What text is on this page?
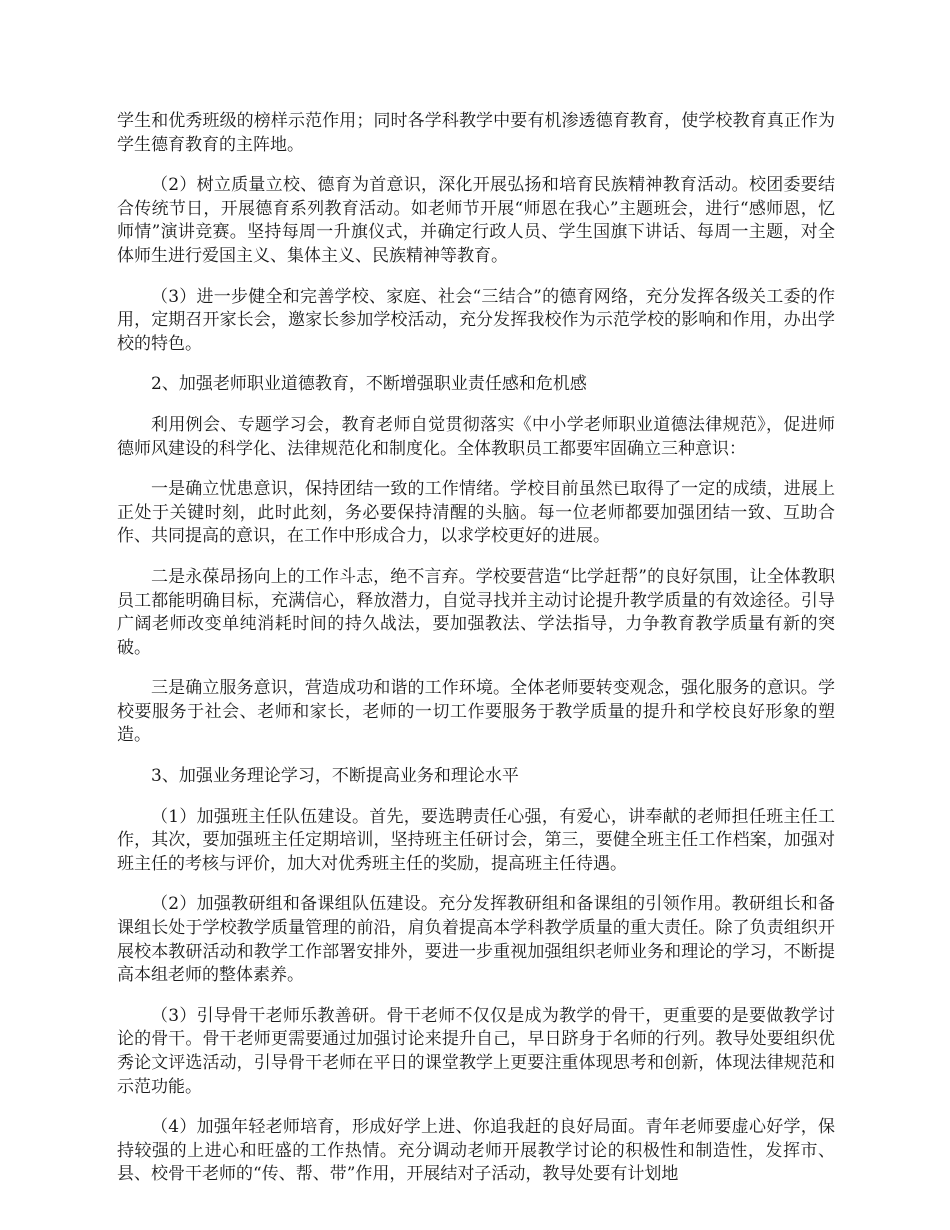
学生和优秀班级的榜样示范作用；同时各学科教学中要有机渗透德育教育，使学校教育真正作为学生德育教育的主阵地。

（2）树立质量立校、德育为首意识，深化开展弘扬和培育民族精神教育活动。校团委要结合传统节日，开展德育系列教育活动。如老师节开展“师恩在我心”主题班会，进行“感师恩，忆师情”演讲竞赛。坚持每周一升旗仪式，并确定行政人员、学生国旗下讲话、每周一主题，对全体师生进行爱国主义、集体主义、民族精神等教育。

（3）进一步健全和完善学校、家庭、社会“三结合”的德育网络，充分发挥各级关工委的作用，定期召开家长会，邀家长参加学校活动，充分发挥我校作为示范学校的影响和作用，办出学校的特色。

2、加强老师职业道德教育，不断增强职业责任感和危机感

利用例会、专题学习会，教育老师自觉贯彻落实《中小学老师职业道德法律规范》，促进师德师风建设的科学化、法律规范化和制度化。全体教职员工都要牢固确立三种意识：

一是确立忧患意识，保持团结一致的工作情绪。学校目前虽然已取得了一定的成绩，进展上正处于关键时刻，此时此刻，务必要保持清醒的头脑。每一位老师都要加强团结一致、互助合作、共同提高的意识，在工作中形成合力，以求学校更好的进展。

二是永葆昂扬向上的工作斗志，绝不言弃。学校要营造“比学赶帮”的良好氛围，让全体教职员工都能明确目标，充满信心，释放潜力，自觉寻找并主动讨论提升教学质量的有效途径。引导广阔老师改变单纯消耗时间的持久战法，要加强教法、学法指导，力争教育教学质量有新的突破。

三是确立服务意识，营造成功和谐的工作环境。全体老师要转变观念，强化服务的意识。学校要服务于社会、老师和家长，老师的一切工作要服务于教学质量的提升和学校良好形象的塑造。

3、加强业务理论学习，不断提高业务和理论水平

（1）加强班主任队伍建设。首先，要选聘责任心强，有爱心，讲奉献的老师担任班主任工作，其次，要加强班主任定期培训，坚持班主任研讨会，第三，要健全班主任工作档案，加强对班主任的考核与评价，加大对优秀班主任的奖励，提高班主任待遇。

（2）加强教研组和备课组队伍建设。充分发挥教研组和备课组的引领作用。教研组长和备课组长处于学校教学质量管理的前沿，肩负着提高本学科教学质量的重大责任。除了负责组织开展校本教研活动和教学工作部署安排外，要进一步重视加强组织老师业务和理论的学习，不断提高本组老师的整体素养。

（3）引导骨干老师乐教善研。骨干老师不仅仅是成为教学的骨干，更重要的是要做教学讨论的骨干。骨干老师更需要通过加强讨论来提升自己，早日跻身于名师的行列。教导处要组织优秀论文评选活动，引导骨干老师在平日的课堂教学上更要注重体现思考和创新，体现法律规范和示范功能。

（4）加强年轻老师培育，形成好学上进、你追我赶的良好局面。青年老师要虚心好学，保持较强的上进心和旺盛的工作热情。充分调动老师开展教学讨论的积极性和制造性，发挥市、县、校骨干老师的“传、帮、带”作用，开展结对子活动，教导处要有计划地
